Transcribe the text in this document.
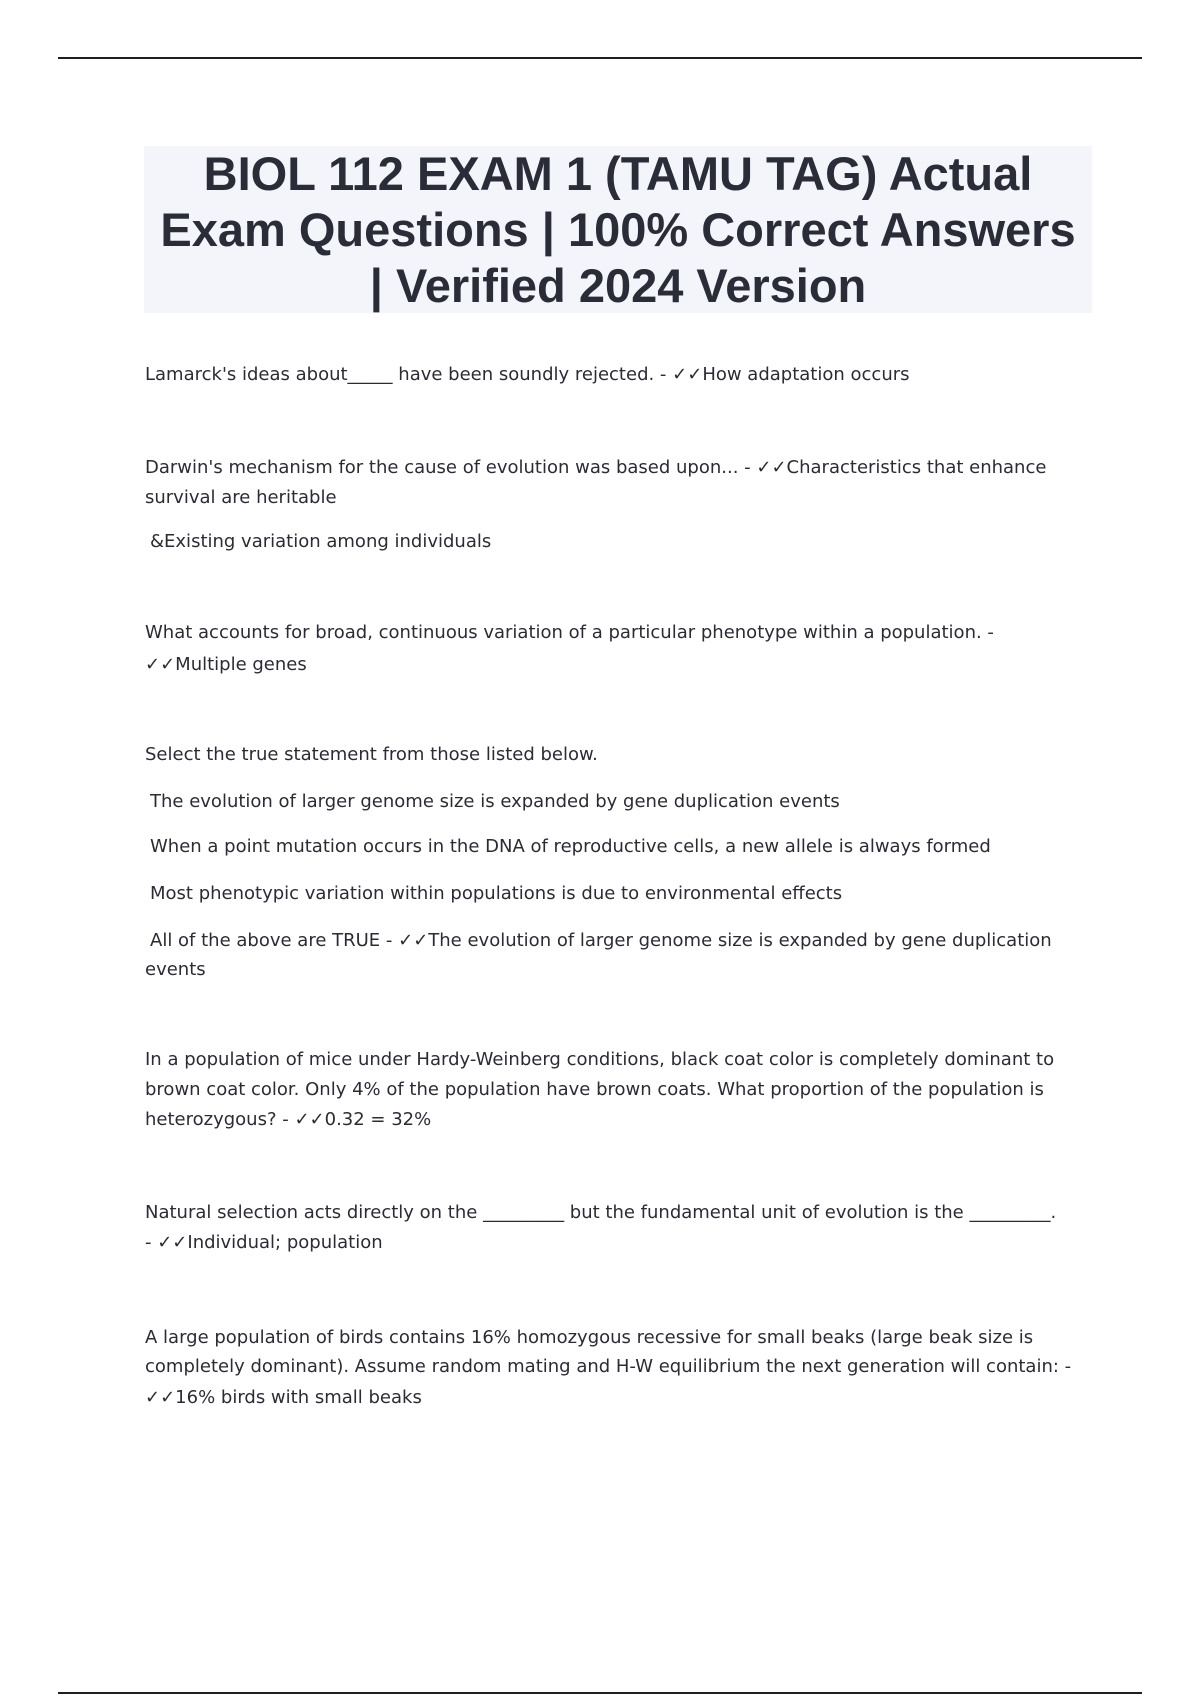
BIOL 112 EXAM 1 (TAMU TAG) Actual
Exam Questions | 100% Correct Answers
| Verified 2024 Version
Lamarck's ideas about_____ have been soundly rejected. - ✓✓How adaptation occurs
Darwin's mechanism for the cause of evolution was based upon... - ✓✓Characteristics that enhance
survival are heritable
&Existing variation among individuals
What accounts for broad, continuous variation of a particular phenotype within a population. -
✓✓Multiple genes
Select the true statement from those listed below.
The evolution of larger genome size is expanded by gene duplication events
When a point mutation occurs in the DNA of reproductive cells, a new allele is always formed
Most phenotypic variation within populations is due to environmental effects
All of the above are TRUE - ✓✓The evolution of larger genome size is expanded by gene duplication
events
In a population of mice under Hardy-Weinberg conditions, black coat color is completely dominant to
brown coat color. Only 4% of the population have brown coats. What proportion of the population is
heterozygous? - ✓✓0.32 = 32%
Natural selection acts directly on the _________ but the fundamental unit of evolution is the _________.
- ✓✓Individual; population
A large population of birds contains 16% homozygous recessive for small beaks (large beak size is
completely dominant). Assume random mating and H-W equilibrium the next generation will contain: -
✓✓16% birds with small beaks
